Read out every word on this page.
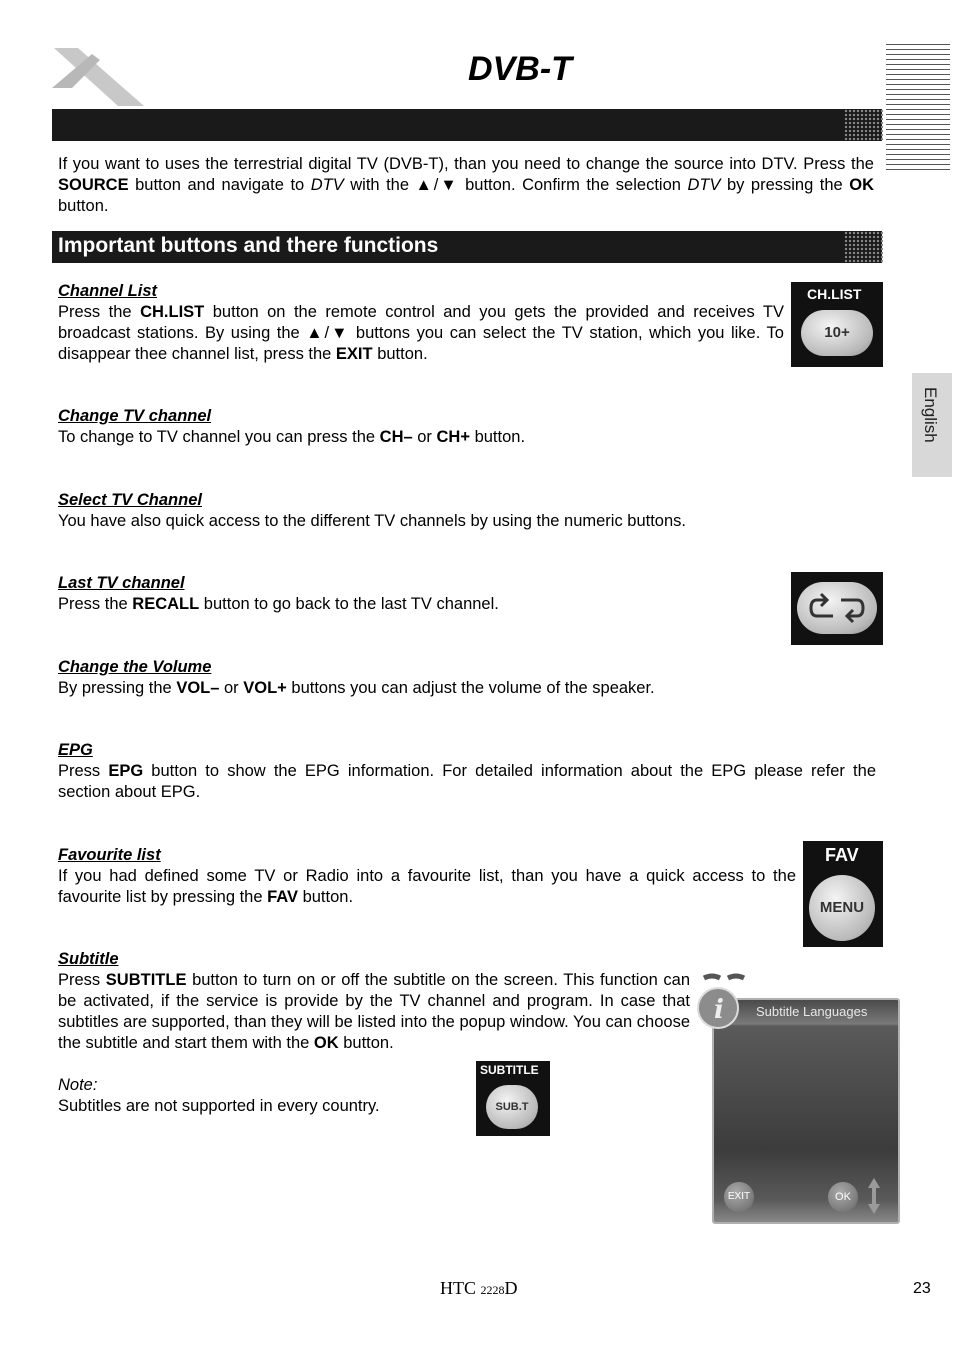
DVB-T
If you want to uses the terrestrial digital TV (DVB-T), than you need to change the source into DTV. Press the SOURCE button and navigate to DTV with the ▲/▼ button. Confirm the selection DTV by pressing the OK button.
Important buttons and there functions
English
Channel List
Press the CH.LIST button on the remote control and you gets the provided and receives TV broadcast stations. By using the ▲/▼ buttons you can select the TV station, which you like. To disappear thee channel list, press the EXIT button.
CH.LIST
10+
Change TV channel
To change to TV channel you can press the CH– or CH+ button.
Select TV Channel
You have also quick access to the different TV channels by using the numeric buttons.
Last TV channel
Press the RECALL button to go back to the last TV channel.
Change the Volume
By pressing the VOL– or VOL+ buttons you can adjust the volume of the speaker.
EPG
Press EPG button to show the EPG information. For detailed information about the EPG please refer the section about EPG.
Favourite list
If you had defined some TV or Radio into a favourite list, than you have a quick access to the favourite list by pressing the FAV button.
FAV
MENU
Subtitle
Press SUBTITLE button to turn on or off the subtitle on the screen. This function can be activated, if the service is provide by the TV channel and program. In case that subtitles are supported, than they will be listed into the popup window. You can choose the subtitle and start them with the OK button.
Note:
Subtitles are not supported in every country.
SUBTITLE
SUB.T
i Subtitle Languages
EXIT	OK
HTC 2228D	23
